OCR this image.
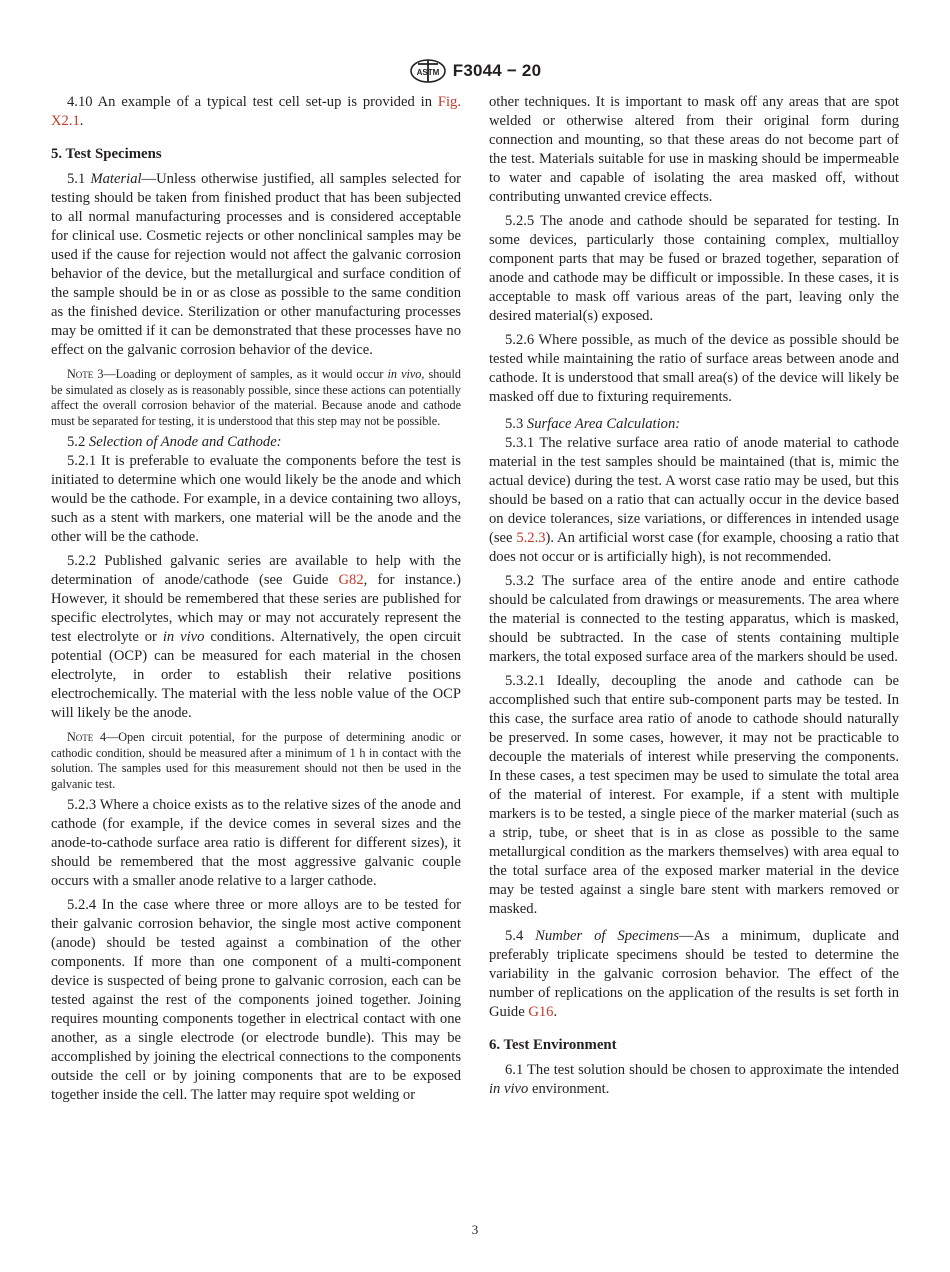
ASTM F3044 − 20

4.10 An example of a typical test cell set-up is provided in Fig. X2.1.

5. Test Specimens

5.1 Material—Unless otherwise justified, all samples selected for testing should be taken from finished product that has been subjected to all normal manufacturing processes and is considered acceptable for clinical use. Cosmetic rejects or other nonclinical samples may be used if the cause for rejection would not affect the galvanic corrosion behavior of the device, but the metallurgical and surface condition of the sample should be in or as close as possible to the same condition as the finished device. Sterilization or other manufacturing processes may be omitted if it can be demonstrated that these processes have no effect on the galvanic corrosion behavior of the device.

Note 3—Loading or deployment of samples, as it would occur in vivo, should be simulated as closely as is reasonably possible, since these actions can potentially affect the overall corrosion behavior of the material. Because anode and cathode must be separated for testing, it is understood that this step may not be possible.

5.2 Selection of Anode and Cathode:

5.2.1 It is preferable to evaluate the components before the test is initiated to determine which one would likely be the anode and which would be the cathode. For example, in a device containing two alloys, such as a stent with markers, one material will be the anode and the other will be the cathode.

5.2.2 Published galvanic series are available to help with the determination of anode/cathode (see Guide G82, for instance.) However, it should be remembered that these series are published for specific electrolytes, which may or may not accurately represent the test electrolyte or in vivo conditions. Alternatively, the open circuit potential (OCP) can be measured for each material in the chosen electrolyte, in order to establish their relative positions electrochemically. The material with the less noble value of the OCP will likely be the anode.

Note 4—Open circuit potential, for the purpose of determining anodic or cathodic condition, should be measured after a minimum of 1 h in contact with the solution. The samples used for this measurement should not then be used in the galvanic test.

5.2.3 Where a choice exists as to the relative sizes of the anode and cathode (for example, if the device comes in several sizes and the anode-to-cathode surface area ratio is different for different sizes), it should be remembered that the most aggressive galvanic couple occurs with a smaller anode relative to a larger cathode.

5.2.4 In the case where three or more alloys are to be tested for their galvanic corrosion behavior, the single most active component (anode) should be tested against a combination of the other components. If more than one component of a multi-component device is suspected of being prone to galvanic corrosion, each can be tested against the rest of the components joined together. Joining requires mounting components together in electrical contact with one another, as a single electrode (or electrode bundle). This may be accomplished by joining the electrical connections to the components outside the cell or by joining components that are to be exposed together inside the cell. The latter may require spot welding or

other techniques. It is important to mask off any areas that are spot welded or otherwise altered from their original form during connection and mounting, so that these areas do not become part of the test. Materials suitable for use in masking should be impermeable to water and capable of isolating the area masked off, without contributing unwanted crevice effects.

5.2.5 The anode and cathode should be separated for testing. In some devices, particularly those containing complex, multialloy component parts that may be fused or brazed together, separation of anode and cathode may be difficult or impossible. In these cases, it is acceptable to mask off various areas of the part, leaving only the desired material(s) exposed.

5.2.6 Where possible, as much of the device as possible should be tested while maintaining the ratio of surface areas between anode and cathode. It is understood that small area(s) of the device will likely be masked off due to fixturing requirements.

5.3 Surface Area Calculation:

5.3.1 The relative surface area ratio of anode material to cathode material in the test samples should be maintained (that is, mimic the actual device) during the test. A worst case ratio may be used, but this should be based on a ratio that can actually occur in the device based on device tolerances, size variations, or differences in intended usage (see 5.2.3). An artificial worst case (for example, choosing a ratio that does not occur or is artificially high), is not recommended.

5.3.2 The surface area of the entire anode and entire cathode should be calculated from drawings or measurements. The area where the material is connected to the testing apparatus, which is masked, should be subtracted. In the case of stents containing multiple markers, the total exposed surface area of the markers should be used.

5.3.2.1 Ideally, decoupling the anode and cathode can be accomplished such that entire sub-component parts may be tested. In this case, the surface area ratio of anode to cathode should naturally be preserved. In some cases, however, it may not be practicable to decouple the materials of interest while preserving the components. In these cases, a test specimen may be used to simulate the total area of the material of interest. For example, if a stent with multiple markers is to be tested, a single piece of the marker material (such as a strip, tube, or sheet that is in as close as possible to the same metallurgical condition as the markers themselves) with area equal to the total surface area of the exposed marker material in the device may be tested against a single bare stent with markers removed or masked.

5.4 Number of Specimens—As a minimum, duplicate and preferably triplicate specimens should be tested to determine the variability in the galvanic corrosion behavior. The effect of the number of replications on the application of the results is set forth in Guide G16.

6. Test Environment

6.1 The test solution should be chosen to approximate the intended in vivo environment.

3
